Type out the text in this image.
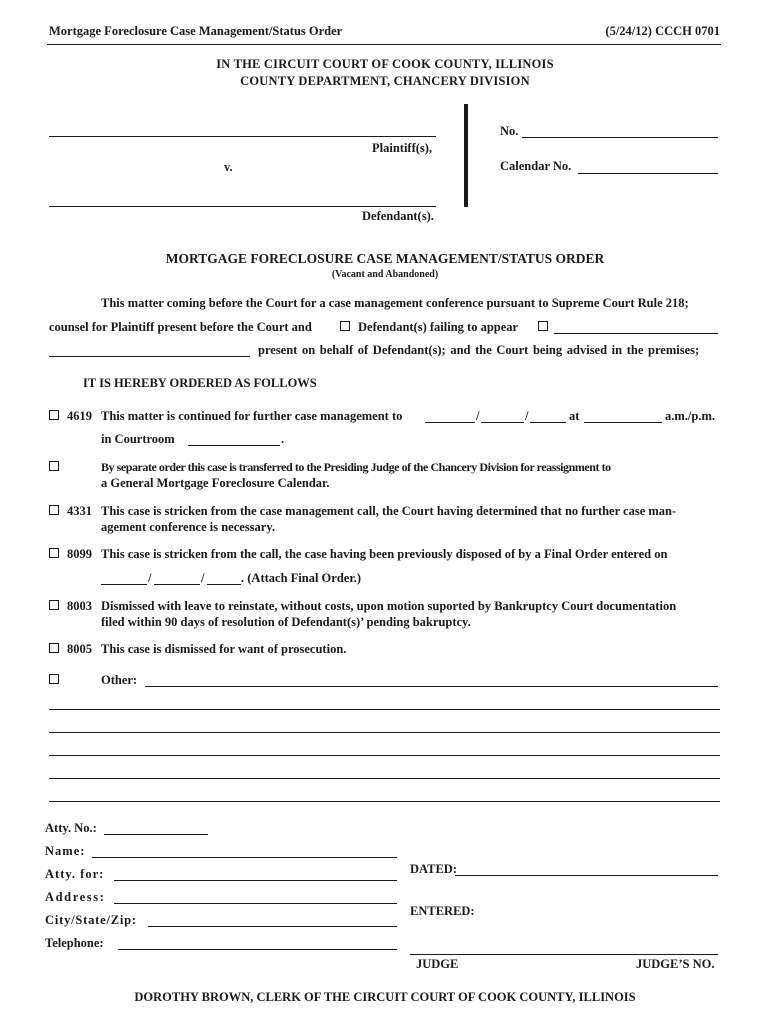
Mortgage Foreclosure Case Management/Status Order	(5/24/12) CCCH 0701
IN THE CIRCUIT COURT OF COOK COUNTY, ILLINOIS
COUNTY DEPARTMENT, CHANCERY DIVISION
Plaintiff(s),
v.
Defendant(s).
No.
Calendar No.
MORTGAGE FORECLOSURE CASE MANAGEMENT/STATUS ORDER
(Vacant and Abandoned)
This matter coming before the Court for a case management conference pursuant to Supreme Court Rule 218;
counsel for Plaintiff present before the Court and	Defendant(s) failing to appear
present on behalf of Defendant(s); and the Court being advised in the premises;
IT IS HEREBY ORDERED AS FOLLOWS
4619 This matter is continued for further case management to	/	/	at	a.m./p.m.
in Courtroom	.
By separate order this case is transferred to the Presiding Judge of the Chancery Division for reassignment to
a General Mortgage Foreclosure Calendar.
4331 This case is stricken from the case management call, the Court having determined that no further case man-
agement conference is necessary.
8099 This case is stricken from the call, the case having been previously disposed of by a Final Order entered on
/	/	. (Attach Final Order.)
8003 Dismissed with leave to reinstate, without costs, upon motion suported by Bankruptcy Court documentation
filed within 90 days of resolution of Defendant(s)’ pending bakruptcy.
8005 This case is dismissed for want of prosecution.
Other:
Atty. No.:
Name:
Atty. for:
Address:
City/State/Zip:
Telephone:
DATED:
ENTERED:
JUDGE	JUDGE’S NO.
DOROTHY BROWN, CLERK OF THE CIRCUIT COURT OF COOK COUNTY, ILLINOIS
